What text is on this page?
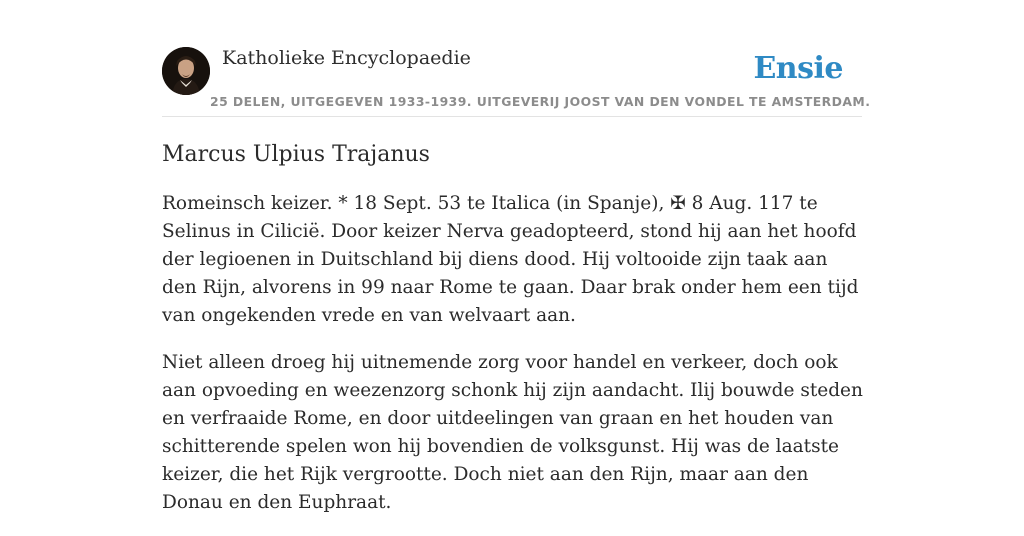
Katholieke Encyclopaedie	Ensie
25 DELEN, UITGEGEVEN 1933-1939. UITGEVERIJ JOOST VAN DEN VONDEL TE AMSTERDAM.
Marcus Ulpius Trajanus

Romeinsch keizer. * 18 Sept. 53 te Italica (in Spanje), ✠ 8 Aug. 117 te Selinus in Cilicië. Door keizer Nerva geadopteerd, stond hij aan het hoofd der legioenen in Duitschland bij diens dood. Hij voltooide zijn taak aan den Rijn, alvorens in 99 naar Rome te gaan. Daar brak onder hem een tijd van ongekenden vrede en van welvaart aan.

Niet alleen droeg hij uitnemende zorg voor handel en verkeer, doch ook aan opvoeding en weezenzorg schonk hij zijn aandacht. Ilij bouwde steden en verfraaide Rome, en door uitdeelingen van graan en het houden van schitterende spelen won hij bovendien de volksgunst. Hij was de laatste keizer, die het Rijk vergrootte. Doch niet aan den Rijn, maar aan den Donau en den Euphraat.
